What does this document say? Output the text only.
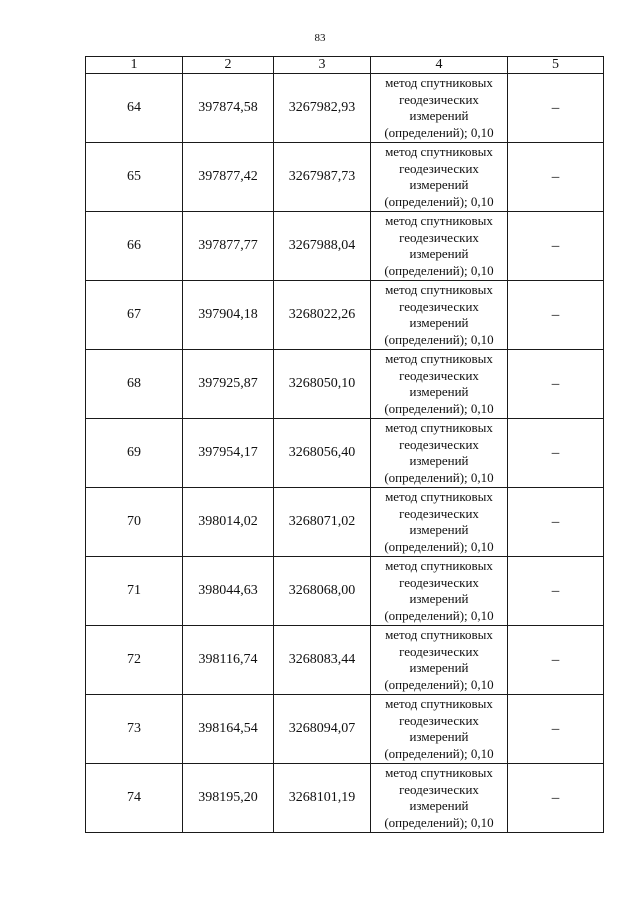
83
1	2	3	4	5
64	397874,58	3267982,93	метод спутниковых
геодезических
измерений
(определений); 0,10	–
65	397877,42	3267987,73	метод спутниковых
геодезических
измерений
(определений); 0,10	–
66	397877,77	3267988,04	метод спутниковых
геодезических
измерений
(определений); 0,10	–
67	397904,18	3268022,26	метод спутниковых
геодезических
измерений
(определений); 0,10	–
68	397925,87	3268050,10	метод спутниковых
геодезических
измерений
(определений); 0,10	–
69	397954,17	3268056,40	метод спутниковых
геодезических
измерений
(определений); 0,10	–
70	398014,02	3268071,02	метод спутниковых
геодезических
измерений
(определений); 0,10	–
71	398044,63	3268068,00	метод спутниковых
геодезических
измерений
(определений); 0,10	–
72	398116,74	3268083,44	метод спутниковых
геодезических
измерений
(определений); 0,10	–
73	398164,54	3268094,07	метод спутниковых
геодезических
измерений
(определений); 0,10	–
74	398195,20	3268101,19	метод спутниковых
геодезических
измерений
(определений); 0,10	–
